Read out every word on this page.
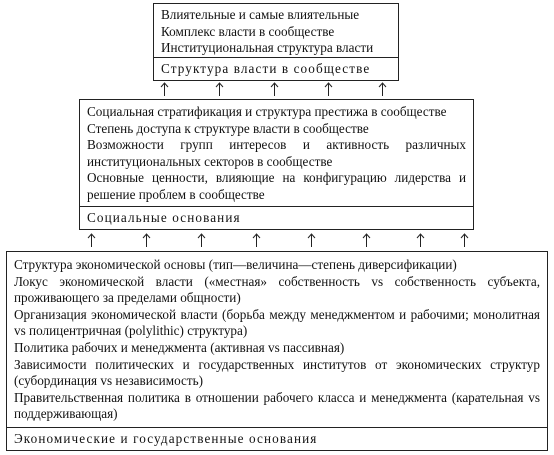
Влиятельные и самые влиятельные
Комплекс власти в сообществе
Институциональная структура власти
Структура власти в сообществе
Социальная стратификация и структура престижа в сообществе
Степень доступа к структуре власти в сообществе
Возможности групп интересов и активность различных институциональных секторов в сообществе
Основные ценности, влияющие на конфигурацию лидерства и решение проблем в сообществе
Социальные основания
Структура экономической основы (тип—величина—степень диверсификации)
Локус экономической власти («местная» собственность vs собственность субъекта, проживающего за пределами общности)
Организация экономической власти (борьба между менеджментом и рабочими; монолитная vs полицентричная (polylithic) структура)
Политика рабочих и менеджмента (активная vs пассивная)
Зависимости политических и государственных институтов от экономических структур (субординация vs независимость)
Правительственная политика в отношении рабочего класса и менеджмента (карательная vs поддерживающая)
Экономические и государственные основания
